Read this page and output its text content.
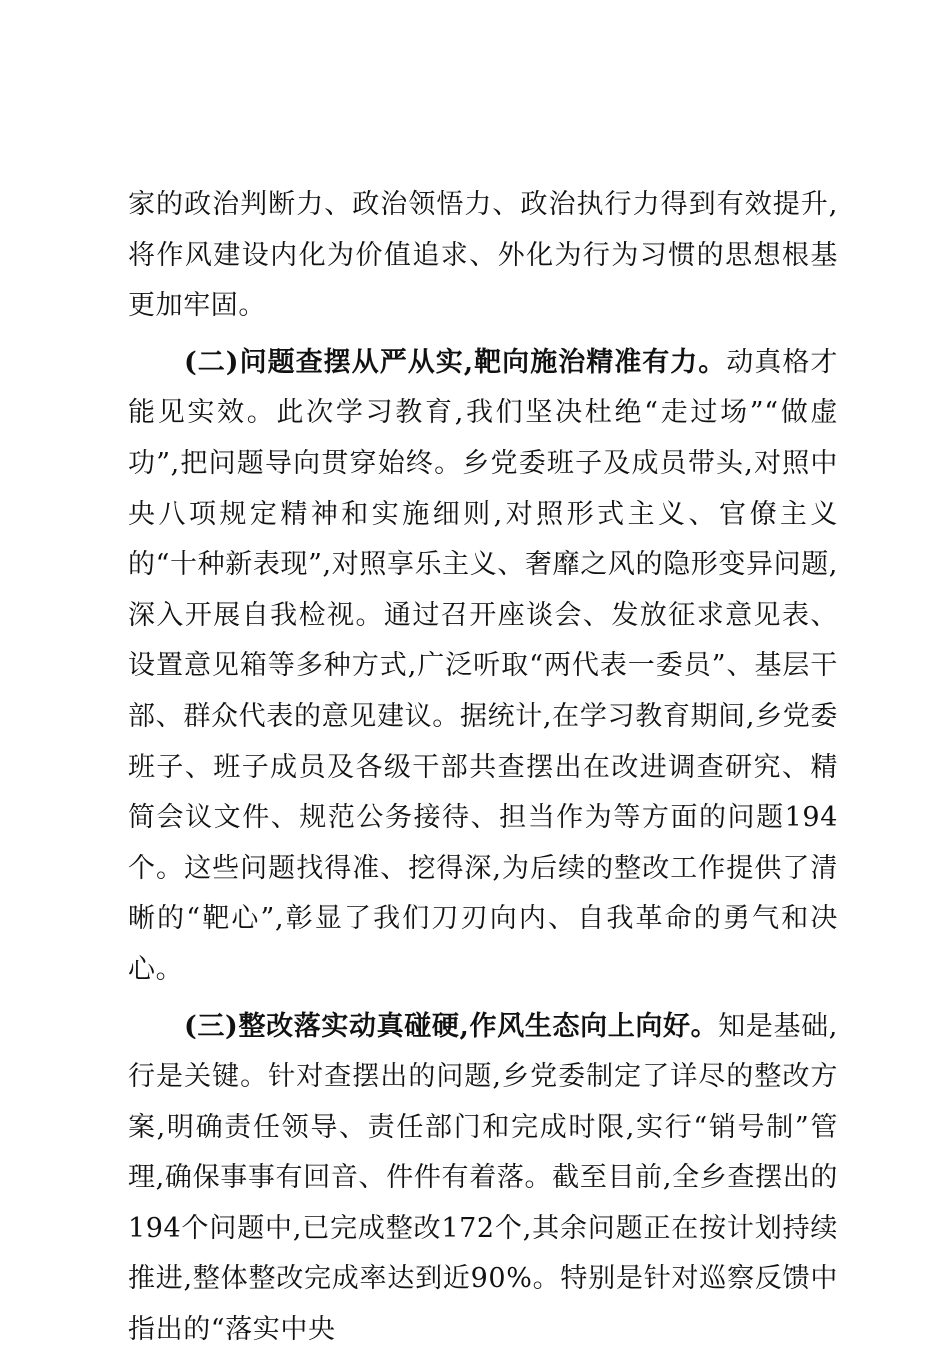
家的政治判断力、政治领悟力、政治执行力得到有效提升,将作风建设内化为价值追求、外化为行为习惯的思想根基更加牢固。

(二)问题查摆从严从实,靶向施治精准有力。动真格才能见实效。此次学习教育,我们坚决杜绝“走过场”“做虚功”,把问题导向贯穿始终。乡党委班子及成员带头,对照中央八项规定精神和实施细则,对照形式主义、官僚主义的“十种新表现”,对照享乐主义、奢靡之风的隐形变异问题,深入开展自我检视。通过召开座谈会、发放征求意见表、设置意见箱等多种方式,广泛听取“两代表一委员”、基层干部、群众代表的意见建议。据统计,在学习教育期间,乡党委班子、班子成员及各级干部共查摆出在改进调查研究、精简会议文件、规范公务接待、担当作为等方面的问题194个。这些问题找得准、挖得深,为后续的整改工作提供了清晰的“靶心”,彰显了我们刀刃向内、自我革命的勇气和决心。

(三)整改落实动真碰硬,作风生态向上向好。知是基础,行是关键。针对查摆出的问题,乡党委制定了详尽的整改方案,明确责任领导、责任部门和完成时限,实行“销号制”管理,确保事事有回音、件件有着落。截至目前,全乡查摆出的194个问题中,已完成整改172个,其余问题正在按计划持续推进,整体整改完成率达到近90%。特别是针对巡察反馈中指出的“落实中央
